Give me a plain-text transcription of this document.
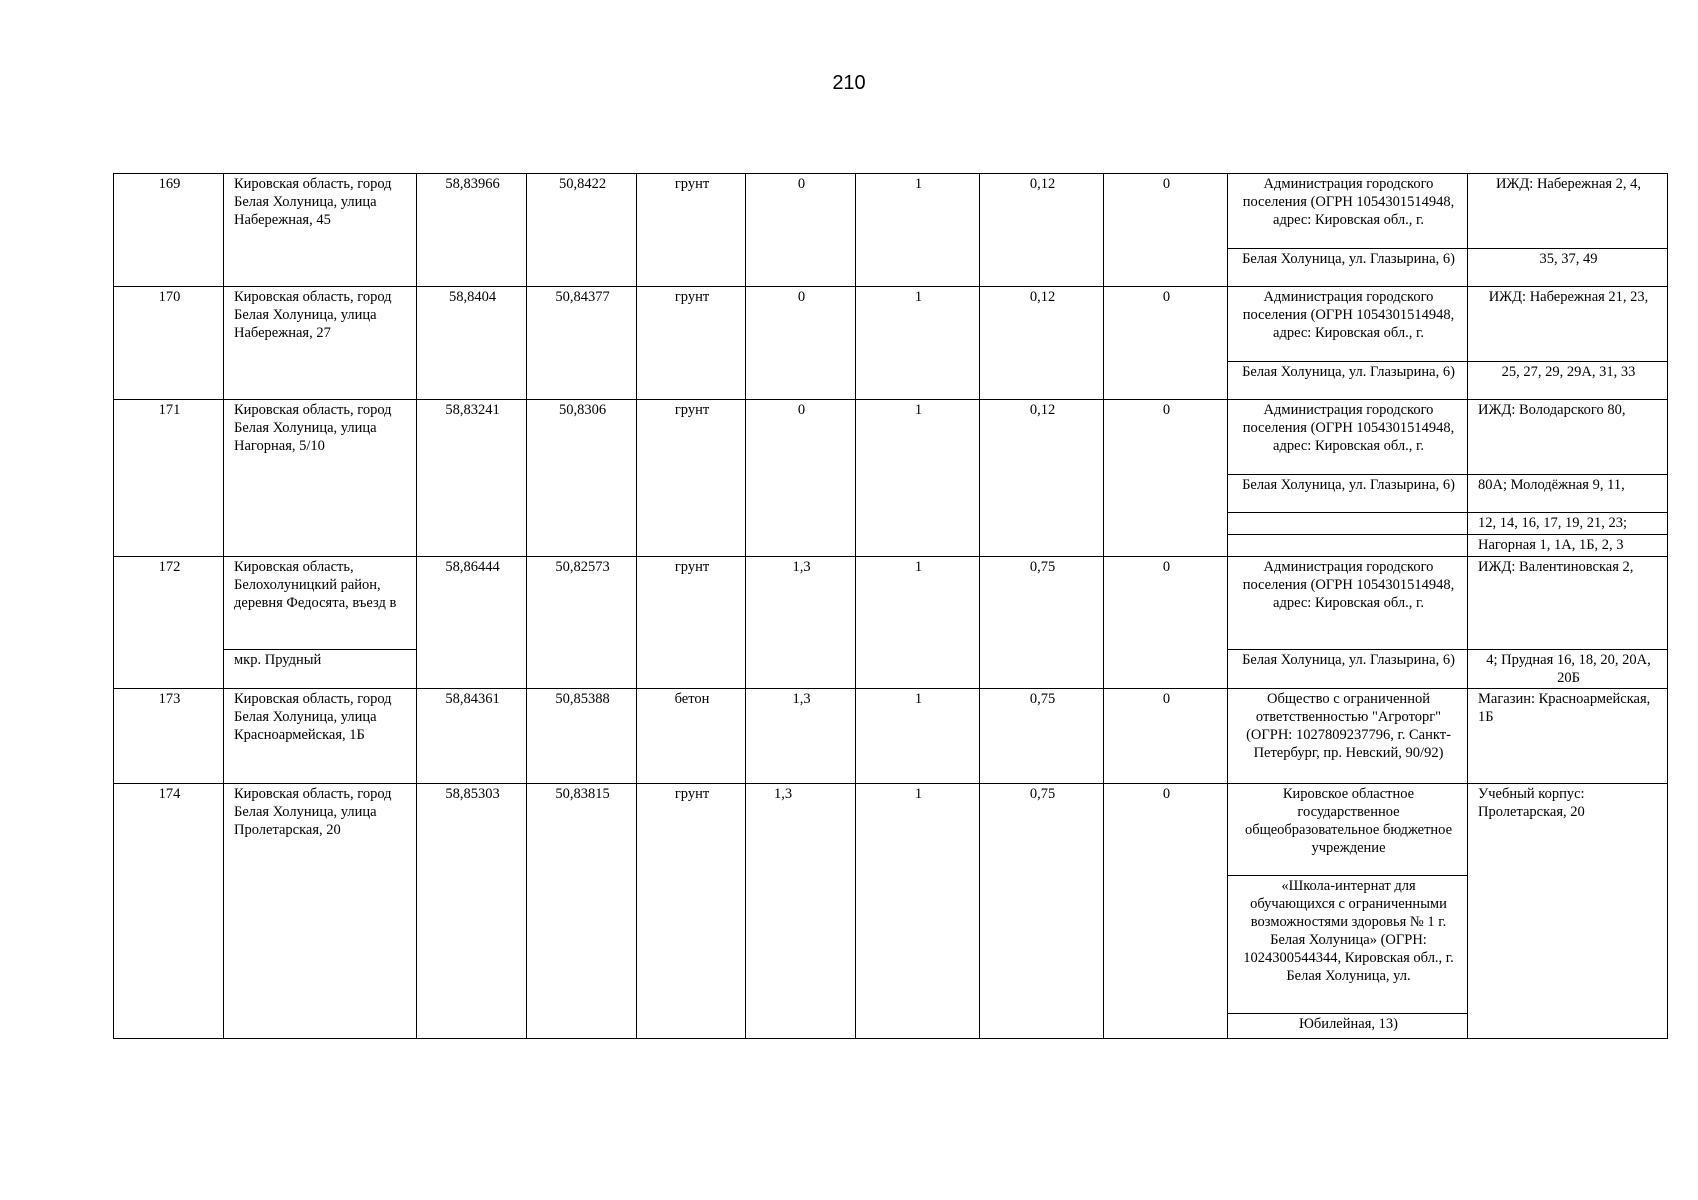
210
169	Кировская область, город Белая Холуница, улица Набережная, 45	58,83966	50,8422	грунт	0	1	0,12	0	Администрация городского поселения (ОГРН 1054301514948, адрес: Кировская обл., г.	ИЖД: Набережная 2, 4,
									Белая Холуница, ул. Глазырина, 6)	35, 37, 49
170	Кировская область, город Белая Холуница, улица Набережная, 27	58,8404	50,84377	грунт	0	1	0,12	0	Администрация городского поселения (ОГРН 1054301514948, адрес: Кировская обл., г.	ИЖД: Набережная 21, 23,
									Белая Холуница, ул. Глазырина, 6)	25, 27, 29, 29А, 31, 33
171	Кировская область, город Белая Холуница, улица Нагорная, 5/10	58,83241	50,8306	грунт	0	1	0,12	0	Администрация городского поселения (ОГРН 1054301514948, адрес: Кировская обл., г.	ИЖД: Володарского 80,
									Белая Холуница, ул. Глазырина, 6)	80А; Молодёжная 9, 11,
										12, 14, 16, 17, 19, 21, 23;
										Нагорная 1, 1А, 1Б, 2, 3
172	Кировская область, Белохолуницкий район, деревня Федосята, въезд в	58,86444	50,82573	грунт	1,3	1	0,75	0	Администрация городского поселения (ОГРН 1054301514948, адрес: Кировская обл., г.	ИЖД: Валентиновская 2,
	мкр. Прудный								Белая Холуница, ул. Глазырина, 6)	4; Прудная 16, 18, 20, 20А, 20Б
173	Кировская область, город Белая Холуница, улица Красноармейская, 1Б	58,84361	50,85388	бетон	1,3	1	0,75	0	Общество с ограниченной ответственностью "Агроторг" (ОГРН: 1027809237796, г. Санкт- Петербург, пр. Невский, 90/92)	Магазин: Красноармейская, 1Б
174	Кировская область, город Белая Холуница, улица Пролетарская, 20	58,85303	50,83815	грунт	1,3	1	0,75	0	Кировское областное государственное общеобразовательное бюджетное учреждение	Учебный корпус: Пролетарская, 20
									«Школа-интернат для обучающихся с ограниченными возможностями здоровья № 1 г. Белая Холуница» (ОГРН: 1024300544344, Кировская обл., г. Белая Холуница, ул.	
									Юбилейная, 13)	
